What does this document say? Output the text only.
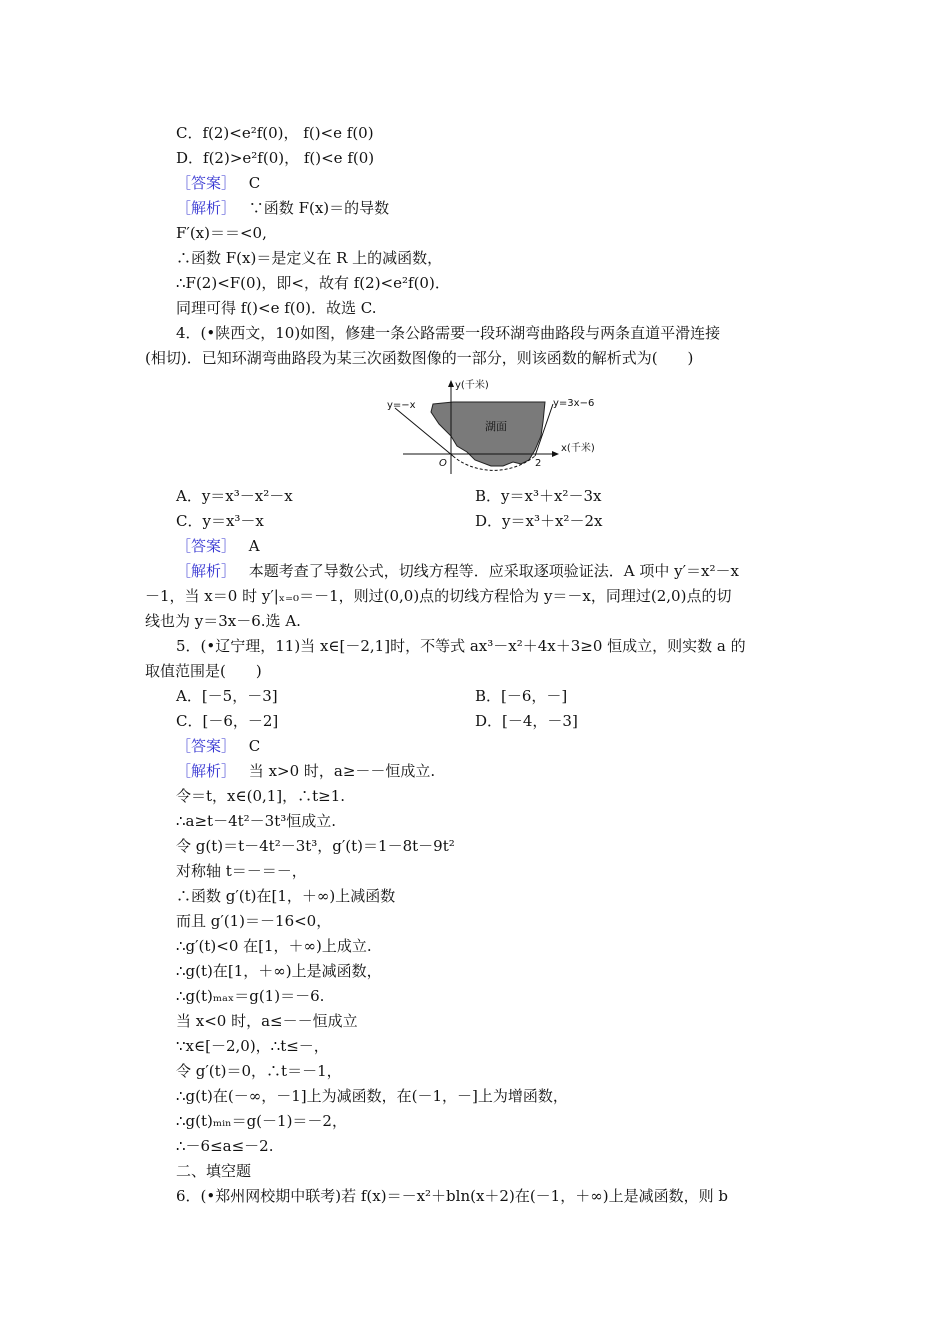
C．f(2)<e²f(0)， f()<e f(0)
D．f(2)>e²f(0)， f()<e f(0)
［答案］ C
［解析］ ∵函数 F(x)＝的导数
F′(x)＝＝<0,
∴函数 F(x)＝是定义在 R 上的减函数，
∴F(2)<F(0)，即<，故有 f(2)<e²f(0)．
同理可得 f()<e f(0)．故选 C.
4．(•陕西文，10)如图，修建一条公路需要一段环湖弯曲路段与两条直道平滑连接
(相切)．已知环湖弯曲路段为某三次函数图像的一部分，则该函数的解析式为(　　)
y(千米)
x(千米)
y=−x	y=3x−6
湖面
O	2
A．y＝x³－x²－x	B．y＝x³＋x²－3x
C．y＝x³－x	D．y＝x³＋x²－2x
［答案］ A
［解析］ 本题考查了导数公式，切线方程等．应采取逐项验证法．A 项中 y′＝x²－x
－1，当 x＝0 时 y′|ₓ₌₀＝－1，则过(0,0)点的切线方程恰为 y＝－x，同理过(2,0)点的切
线也为 y＝3x－6.选 A.
5．(•辽宁理，11)当 x∈[－2,1]时，不等式 ax³－x²＋4x＋3≥0 恒成立，则实数 a 的
取值范围是(　　)
A．[－5，－3]	B．[－6，－]
C．[－6，－2]	D．[－4，－3]
［答案］ C
［解析］ 当 x>0 时，a≥－－恒成立.
令＝t，x∈(0,1]，∴t≥1.
∴a≥t－4t²－3t³恒成立.
令 g(t)＝t－4t²－3t³，g′(t)＝1－8t－9t²
对称轴 t＝－＝－，
∴函数 g′(t)在[1，＋∞)上减函数
而且 g′(1)＝－16<0，
∴g′(t)<0 在[1，＋∞)上成立.
∴g(t)在[1，＋∞)上是减函数，
∴g(t)ₘₐₓ＝g(1)＝－6.
当 x<0 时，a≤－－恒成立
∵x∈[－2,0)，∴t≤－，
令 g′(t)＝0，∴t＝－1，
∴g(t)在(－∞，－1]上为减函数，在(－1，－]上为增函数，
∴g(t)ₘᵢₙ＝g(－1)＝－2，
∴－6≤a≤－2.
二、填空题
6．(•郑州网校期中联考)若 f(x)＝－x²＋bln(x＋2)在(－1，＋∞)上是减函数，则 b
